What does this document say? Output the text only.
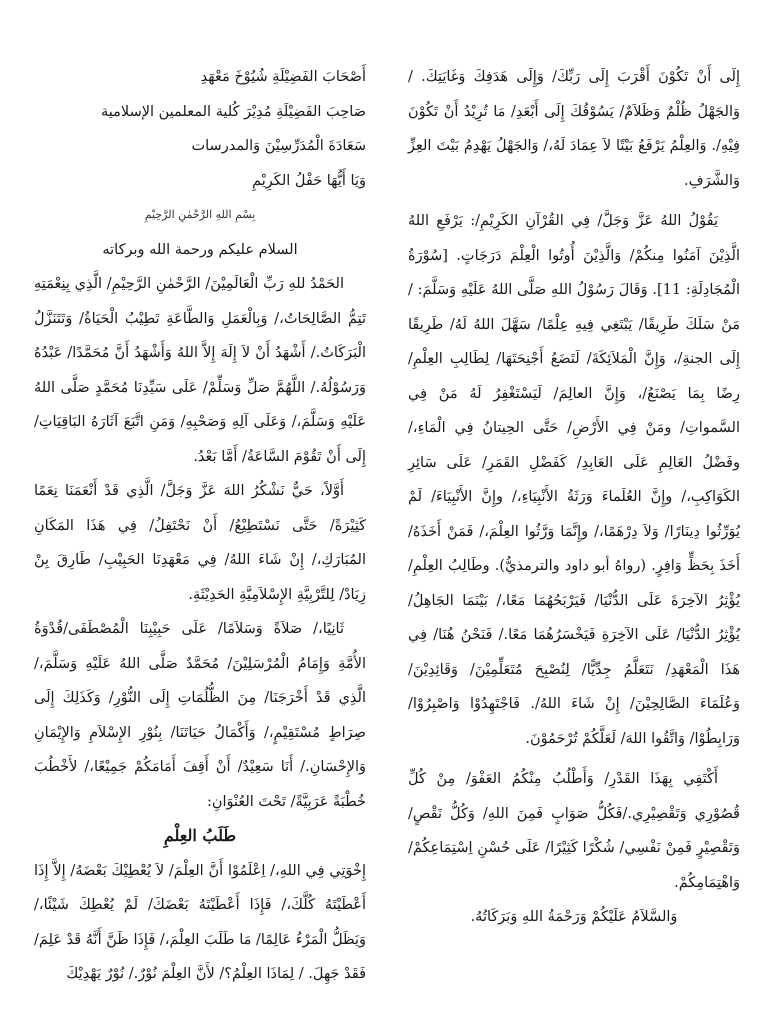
أَصْحَابَ الفَضِيْلَةِ شُيُوْخَ مَعْهَدِ

صَاحِبَ الفَضِيْلَةِ مُدِيْرَ كُلية المعلمين الإسلامية

سَعَادَةَ الْمُدَرِّسِيْنَ وَالمدرسات

وَيَا أَيُّهَا حَفْلُ الكَرِيْمِ

بِسْمِ اللهِ الرَّحْمٰنِ الرَّحِيْمِ

السلام عليكم ورحمة الله وبركاته

الحَمْدُ للهِ رَبِّ الْعَالَمِيْنَ/ الرَّحْمٰنِ الرَّحِيْمِ/ الَّذِي بِنِعْمَتِهِ تَتِمُّ الصَّالِحَاتُ،/ وَبِالْعَمَلِ وَالطَّاعَةِ تَطِيْبُ الْحَيَاةُ/ وَتَتَنَزَّلُ الْبَرَكَاتُ./ أَشْهَدُ أَنْ لاَ إِلَهَ إِلاَّ اللهُ وَأَشْهَدُ أَنَّ مُحَمَّدًا/ عَبْدُهُ وَرَسُوْلُهُ./ اللَّهُمَّ صَلِّ وَسَلِّمْ/ عَلَى سَيِّدِنَا مُحَمَّدٍ صَلَّى اللهُ عَلَيْهِ وَسَلَّمَ،/ وَعَلَى آلِهِ وَصَحْبِهِ/ وَمَنِ اتَّبَعَ آثَارَهُ البَاقِيَاتِ/ إِلَى أَنْ تَقُوْمَ السَّاعَةُ/ أَمَّا بَعْدُ.

أَوَّلاً، حَيٌّ نَشْكُرُ اللهَ عَزَّ وَجَلَّ/ الَّذِي قَدْ أَنْعَمَنَا نِعَمًا كَثِيْرَةً/ حَتَّى نَسْتَطِيْعُ/ أَنْ نَحْتَفِلُ/ فِي هَذَا المَكَانِ المُبَارَكِ،/ إِنْ شَاءَ اللهُ/ فِي مَعْهَدِنَا الحَبِيْبِ/ طَارِقَ بِنْ زِيَادْ/ لِلتَّرْبِيَّةِ الإِسْلاَمِيَّةِ الحَدِيْثَةِ.

ثَانِيًا،/ صَلاَةً وَسَلاَمًا/ عَلَى حَبِيْبِنَا الْمُصْطَفَى/قُدْوَةُ الأُمَّةِ وَإِمَامُ الْمُرْسَلِيْنَ/ مُحَمَّدٌ صَلَّى اللهُ عَلَيْهِ وَسَلَّمَ،/ الَّذِي قَدْ أَخْرَجَنَا/ مِنَ الظُّلُمَاتِ إِلَى النُّوْرِ/ وَكَذَلِكَ إِلَى صِرَاطٍ مُسْتَقِيْمٍ،/ وَأَكْمَالُ حَيَاتَنَا/ بِنُوْرِ الإِسْلاَمِ وَالإِيْمَانِ وَالإِحْسَانِ./ أَنَا سَعِيْدٌ/ أَنْ أَقِفَ أَمَامَكُمْ جَمِيْعًا،/ لأَخْطُبَ خُطْبَةً عَرَبِيَّةً/ تَحْتَ العُنْوَانِ:

طَلَبُ العِلْمِ

إِخْوَتِي فِي اللهِ،/ اِعْلَمُوْا أَنَّ العِلْمَ/ لاَ يُعْطِيْكَ بَعْضَهُ/ إِلاَّ إِذَا أَعْطَيْتَهُ كُلَّكَ،/ فَإِذَا أَعْطَيْتَهُ بَعْضَكَ/ لَمْ يُعْطِكَ شَيْئًا،/ وَيَظَلُّ الْمَرْءُ عَالِمًا/ مَا طَلَبَ العِلْمَ،/ فَإِذَا ظَنَّ أَنَّهُ قَدْ عَلِمَ/ فَقَدْ جَهِلَ. / لِمَاذَا العِلْمُ؟/ لأَنَّ العِلْمَ نُوْرٌ./ نُوْرٌ يَهْدِيْكَ

إِلَى أَنْ تَكُوْنَ أَقْرَبَ إِلَى رَبِّكَ/ وَإِلَى هَدَفِكَ وَغَايَتِكَ. / وَالجَهْلُ ظُلْمٌ وَظَلاَمٌ/ يَسُوْقُكَ إِلَى أَبْعَدِ/ مَا تُرِيْدُ أَنْ تَكُوْنَ فِيْهِ/. وَالعِلْمُ يَرْفَعُ بَيْتًا لاَ عِمَادَ لَهُ،/ وَالجَهْلُ يَهْدِمُ بَيْتَ العِزِّ وَالشَّرَفِ.

يَقُوْلُ اللهُ عَزَّ وَجَلَّ/ فِي القُرْآنِ الكَرِيْمِ/: يَرْفَعِ اللهُ الَّذِيْنَ آمَنُوا مِنكُمْ/ وَالَّذِيْنَ أُوتُوا الْعِلْمَ دَرَجَاتٍ. [سُوْرَةُ الْمُجَادِلَةِ: 11]. وَقَالَ رَسُوْلُ اللهِ صَلَّى اللهُ عَلَيْهِ وَسَلَّمَ: / مَنْ سَلَكَ طَرِيقًا/ يَبْتَغِي فِيهِ عِلْمًا/ سَهَّلَ اللهُ لَهُ/ طَرِيقًا إِلَى الجنةِ/، وَإِنَّ الْمَلاَئِكَةَ/ لَتَضَعُ أَجْنِحَتَهَا/ لِطَالِبِ العِلْمِ/ رِضًا بِمَا يَصْنَعُ/، وَإِنَّ العالِمَ/ لَيَسْتَغْفِرُ لَهُ مَنْ فِي السَّمواتِ/ ومَنْ فِي الأَرْضِ/ حَتَّى الحِيتانُ فِي الْمَاءِ،/ وفَضْلُ العَالِمِ عَلَى العَابِدِ/ كَفَضْلِ القَمَرِ/ عَلَى سَائِرِ الكَوَاكِبِ،/ وإِنَّ العُلَماءَ وَرَثَةُ الأَنْبِيَاءِ،/ وإِنَّ الأَنْبِيَاءَ/ لَمْ يُوَرِّثُوا دِينَارًا/ وَلاَ دِرْهَمًا،/ وإِنَّمَا وَرَّثُوا العِلْمَ،/ فَمَنْ أَخَذَهُ/ أَخَذَ بِحَظٍّ وَافِرٍ. (رواهُ أبو داود والترمذيُّ). وطَالِبُ العِلْمِ/ يُؤْثِرُ الآخِرَةَ عَلَى الدُّنْيَا/ فَيَرْبَحُهُمَا مَعًا،/ بَيْنَمَا الجَاهِلُ/ يُؤْثِرُ الدُّنْيَا/ عَلَى الآخِرَةِ فَيَخْسَرُهُمَا مَعًا./ فَنَحْنُ هُنَا/ فِي هَذَا الْمَعْهَدِ/ نَتَعَلَّمُ جِدِّيًّا/ لِنُصْبِحَ مُتَعَلِّمِيْنَ/ وَقَائِدِيْنَ/ وَعُلَمَاءَ الصَّالِحِيْنَ/ إِنْ شَاءَ اللهُ/. فَاجْتَهِدُوْا وَاصْبِرُوْا/ وَرَابِطُوْا/ وَاتَّقُوا اللهَ/ لَعَلَّكُمْ تُرْحَمُوْنَ.

أَكْتَفِي بِهَذَا القَدْرِ/ وَأَطْلُبُ مِنْكُمُ العَفْوَ/ مِنْ كُلِّ قُصُوْرِي وَتَقْصِيْرِي./فَكُلُّ صَوَابٍ فَمِنَ اللهِ/ وَكُلُّ نَقْصٍ/ وَتَقْصِيْرٍ فَمِنْ نَفْسِي/ شُكْرًا كَثِيْرًا/ عَلَى حُسْنِ اِسْتِمَاعِكُمْ/ وَاهْتِمَامِكُمْ.

وَالسَّلاَمُ عَلَيْكُمْ وَرَحْمَةُ اللهِ وَبَرَكَاتُهُ.
